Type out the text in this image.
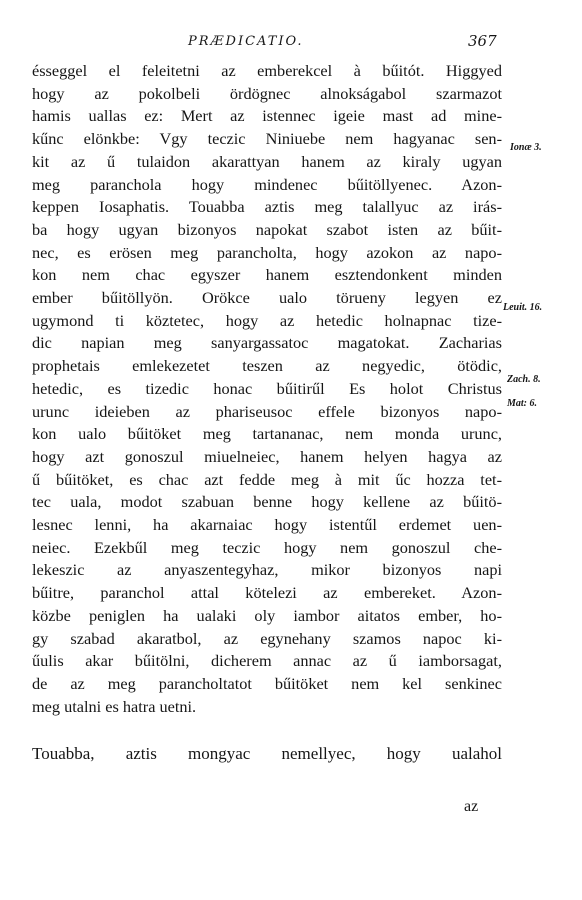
PRÆDICATIO.	367
ésseggel el feleitetni az emberekcel à bűitót. Higgyed
hogy az pokolbeli ördögnec alnokságabol szarmazot
hamis uallas ez: Mert az istennec igeie mast ad mine-
kűnc elönkbe: Vgy teczic Niniuebe nem hagyanac sen-
kit az ű tulaidon akarattyan hanem az kiraly ugyan
meg paranchola hogy mindenec bűitöllyenec. Azon-
keppen Iosaphatis. Touabba aztis meg talallyuc az irás-
ba hogy ugyan bizonyos napokat szabot isten az bűit-
nec, es erösen meg parancholta, hogy azokon az napo-
kon nem chac egyszer hanem esztendonkent minden
ember bűitöllyön. Orökce ualo törueny legyen ez
ugymond ti köztetec, hogy az hetedic holnapnac tize-
dic napian meg sanyargassatoc magatokat. Zacharias
prophetais emlekezetet teszen az negyedic, ötödic,
hetedic, es tizedic honac bűitirűl Es holot Christus
urunc ideieben az phariseusoc effele bizonyos napo-
kon ualo bűitöket meg tartananac, nem monda urunc,
hogy azt gonoszul miuelneiec, hanem helyen hagya az
ű bűitöket, es chac azt fedde meg à mit űc hozza tet-
tec uala, modot szabuan benne hogy kellene az bűitö-
lesnec lenni, ha akarnaiac hogy istentűl erdemet uen-
neiec. Ezekbűl meg teczic hogy nem gonoszul che-
lekeszic az anyaszentegyhaz, mikor bizonyos napi
bűitre, paranchol attal kötelezi az embereket. Azon-
közbe peniglen ha ualaki oly iambor aitatos ember, ho-
gy szabad akaratbol, az egynehany szamos napoc ki-
űulis akar bűitölni, dicherem annac az ű iamborsagat,
de az meg parancholtatot bűitöket nem kel senkinec
meg utalni es hatra uetni.
Touabba, aztis mongyac nemellyec, hogy ualahol
az
Ionæ 3.
Leuit. 16.
Zach. 8.
Mat: 6.
